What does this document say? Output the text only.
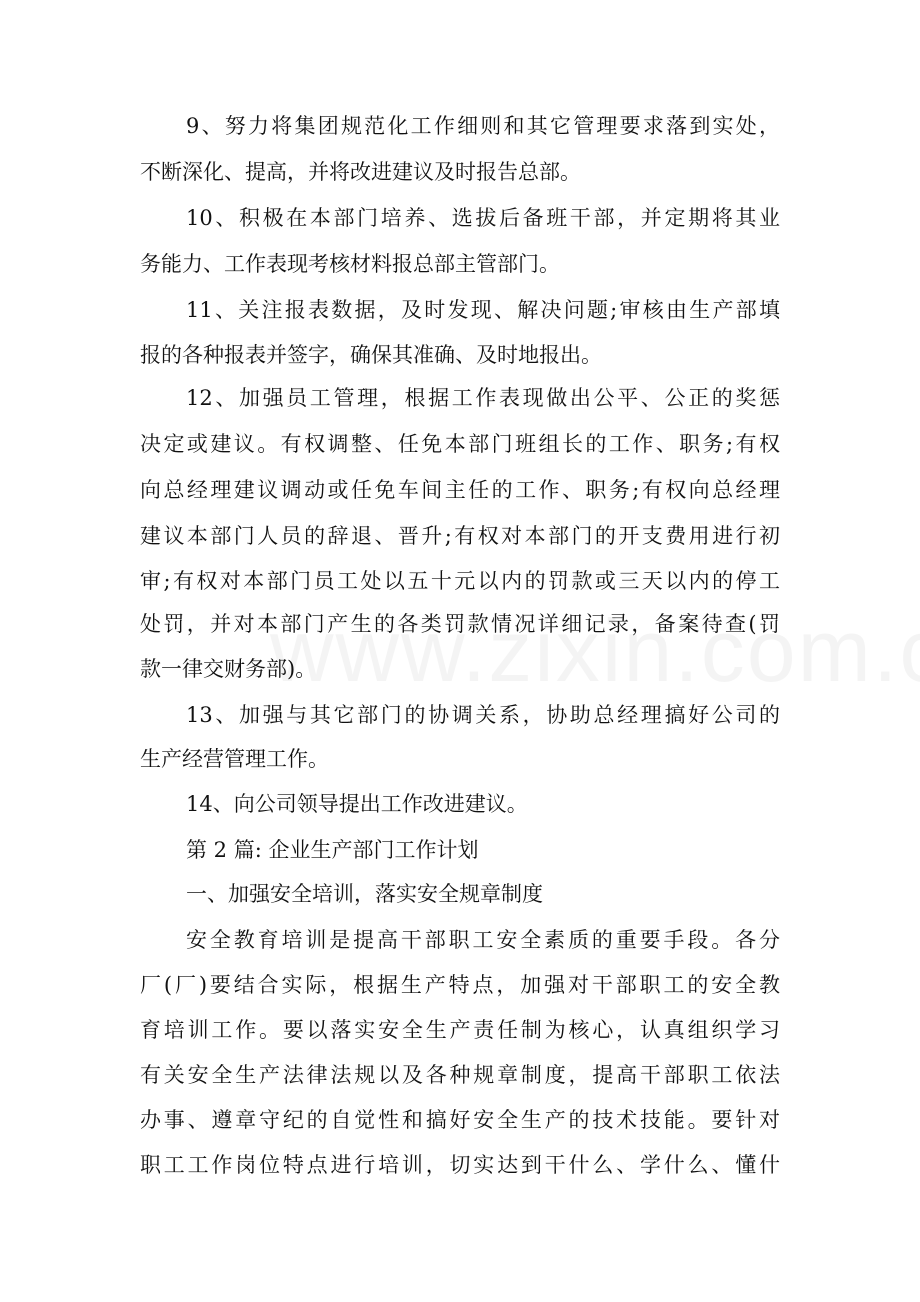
9、努力将集团规范化工作细则和其它管理要求落到实处，
不断深化、提高，并将改进建议及时报告总部。
10、积极在本部门培养、选拔后备班干部，并定期将其业
务能力、工作表现考核材料报总部主管部门。
11、关注报表数据，及时发现、解决问题;审核由生产部填
报的各种报表并签字，确保其准确、及时地报出。
12、加强员工管理，根据工作表现做出公平、公正的奖惩
决定或建议。有权调整、任免本部门班组长的工作、职务;有权
向总经理建议调动或任免车间主任的工作、职务;有权向总经理
建议本部门人员的辞退、晋升;有权对本部门的开支费用进行初
审;有权对本部门员工处以五十元以内的罚款或三天以内的停工
处罚，并对本部门产生的各类罚款情况详细记录，备案待查(罚
款一律交财务部)。
13、加强与其它部门的协调关系，协助总经理搞好公司的
生产经营管理工作。
14、向公司领导提出工作改进建议。
第 2 篇: 企业生产部门工作计划
一、加强安全培训，落实安全规章制度
安全教育培训是提高干部职工安全素质的重要手段。各分
厂(厂)要结合实际，根据生产特点，加强对干部职工的安全教
育培训工作。要以落实安全生产责任制为核心，认真组织学习
有关安全生产法律法规以及各种规章制度，提高干部职工依法
办事、遵章守纪的自觉性和搞好安全生产的技术技能。要针对
职工工作岗位特点进行培训，切实达到干什么、学什么、懂什
